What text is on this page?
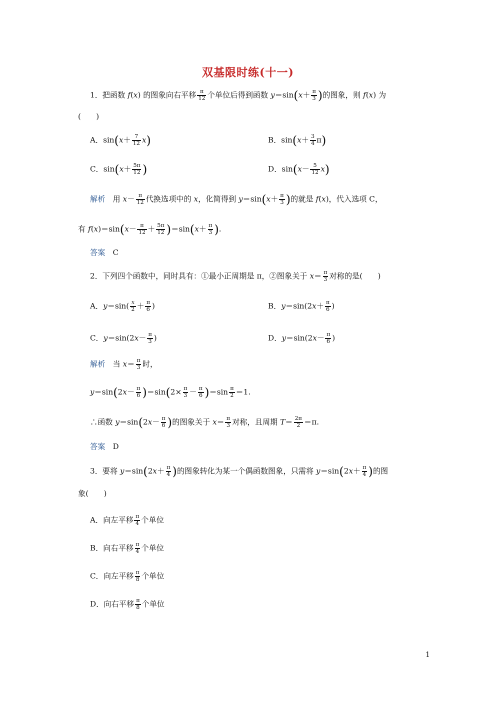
双基限时练(十一)
1．把函数 f(x) 的图象向右平移 $\frac{\pi}{12}$ 个单位后得到函数 $y=\sin(x+ \frac{\pi}{3}$ )的图象，则 f(x) 为
(　　)
A．$\sin(x+ \frac{7}{12} x)$	B．$\sin(x+ \frac{3}{4} \pi)$
C．$\sin(x+ \frac{5\pi}{12}$ )	D．$\sin(x- \frac{5}{12} x)$
解析　用 $x- \frac{\pi}{12}$ 代换选项中的 x，化简得到 $y=\sin(x+ \frac{\pi}{3}$ )的就是 f(x)，代入选项 C，
有 $f(x)=\sin(x- \frac{\pi}{12} + \frac{5\pi}{12} )=\sin(x+ \frac{\pi}{3}$ ).
答案　 C
2．下列四个函数中，同时具有：①最小正周期是 π，②图象关于 $x= \frac{\pi}{3}$ 对称的是(　　)
A．$y=\sin( \frac{x}{2} + \frac{\pi}{6}$ )	B．$y=\sin(2x+ \frac{\pi}{6}$ )
C．$y=\sin(2x- \frac{\pi}{3}$ )	D．$y=\sin(2x- \frac{\pi}{6}$ )
解析　当 $x= \frac{\pi}{3}$ 时，
$y=\sin(2x- \frac{\pi}{6} )=\sin(2\times \frac{\pi}{3} - \frac{\pi}{6} )=\sin \frac{\pi}{2} =1$.
∴函数 $y=\sin(2x- \frac{\pi}{6}$ )的图象关于 $x= \frac{\pi}{3}$ 对称，且周期 $T= \frac{2\pi}{2} =\pi$.
答案　 D
3．要将 $y=\sin(2x+ \frac{\pi}{4}$ )的图象转化为某一个偶函数图象，只需将 $y=\sin(2x+ \frac{\pi}{4}$ )的图
象(　　)
A．向左平移 $\frac{\pi}{4}$ 个单位
B．向右平移 $\frac{\pi}{4}$ 个单位
C．向左平移 $\frac{\pi}{8}$ 个单位
D．向右平移 $\frac{\pi}{8}$ 个单位
1
